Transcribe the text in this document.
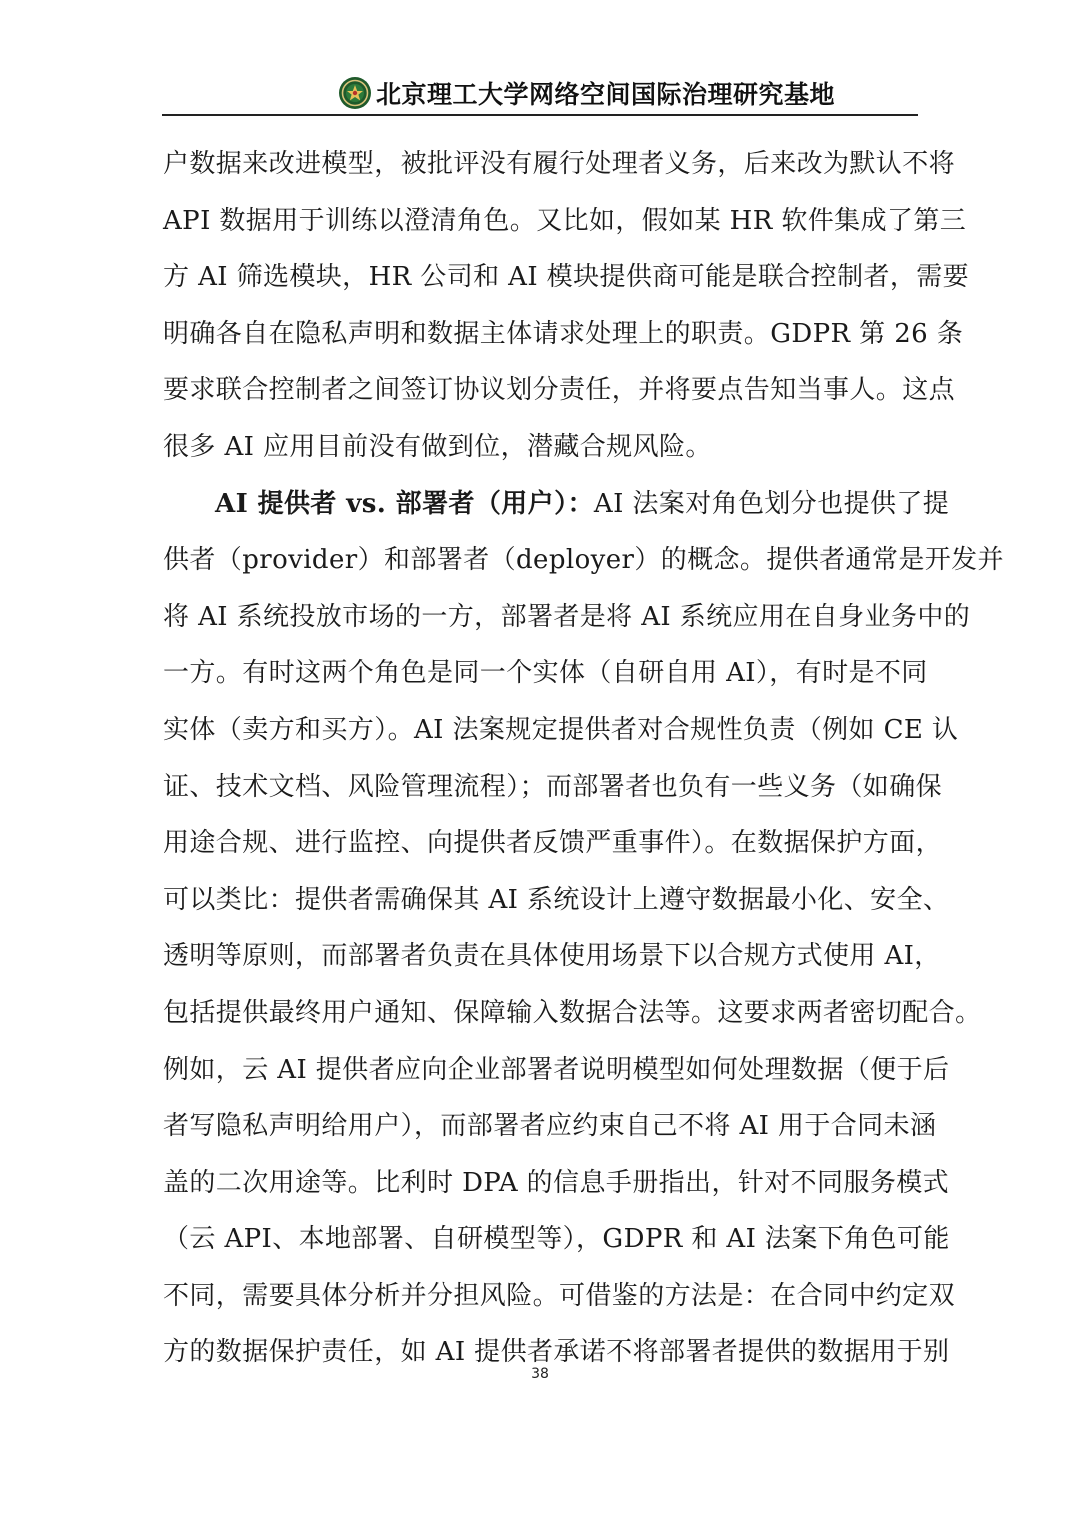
北京理工大学网络空间国际治理研究基地
户数据来改进模型，被批评没有履行处理者义务，后来改为默认不将
API 数据用于训练以澄清角色。又比如，假如某 HR 软件集成了第三
方 AI 筛选模块，HR 公司和 AI 模块提供商可能是联合控制者，需要
明确各自在隐私声明和数据主体请求处理上的职责。GDPR 第 26 条
要求联合控制者之间签订协议划分责任，并将要点告知当事人。这点
很多 AI 应用目前没有做到位，潜藏合规风险。
AI 提供者 vs. 部署者（用户）：AI 法案对角色划分也提供了提
供者（provider）和部署者（deployer）的概念。提供者通常是开发并
将 AI 系统投放市场的一方，部署者是将 AI 系统应用在自身业务中的
一方。有时这两个角色是同一个实体（自研自用 AI），有时是不同
实体（卖方和买方）。AI 法案规定提供者对合规性负责（例如 CE 认
证、技术文档、风险管理流程）；而部署者也负有一些义务（如确保
用途合规、进行监控、向提供者反馈严重事件）。在数据保护方面，
可以类比：提供者需确保其 AI 系统设计上遵守数据最小化、安全、
透明等原则，而部署者负责在具体使用场景下以合规方式使用 AI，
包括提供最终用户通知、保障输入数据合法等。这要求两者密切配合。
例如，云 AI 提供者应向企业部署者说明模型如何处理数据（便于后
者写隐私声明给用户），而部署者应约束自己不将 AI 用于合同未涵
盖的二次用途等。比利时 DPA 的信息手册指出，针对不同服务模式
（云 API、本地部署、自研模型等），GDPR 和 AI 法案下角色可能
不同，需要具体分析并分担风险。可借鉴的方法是：在合同中约定双
方的数据保护责任，如 AI 提供者承诺不将部署者提供的数据用于别
38
